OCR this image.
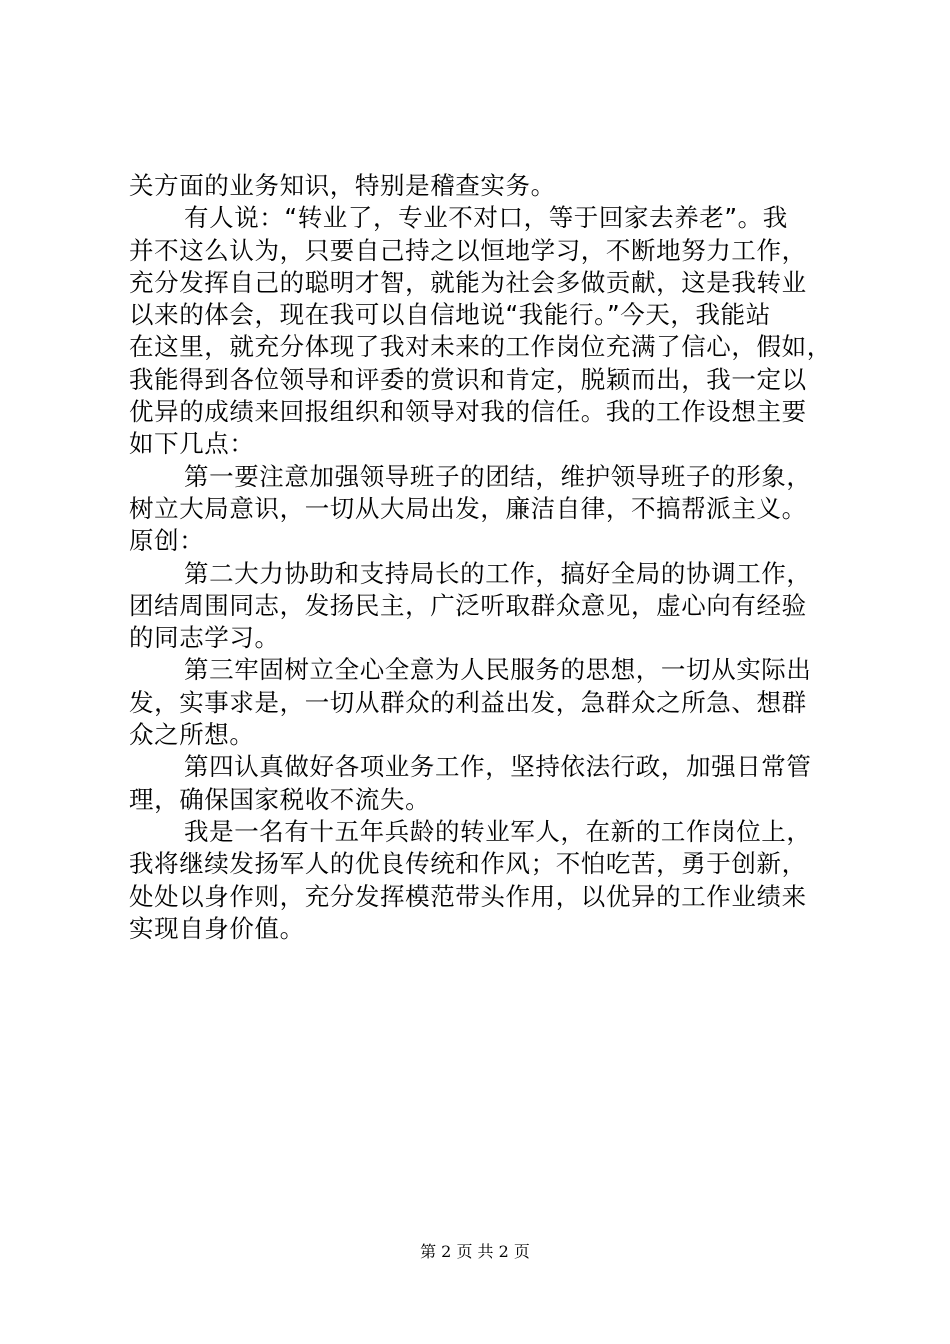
关方面的业务知识，特别是稽查实务。
有人说：“转业了，专业不对口，等于回家去养老”。我
并不这么认为，只要自己持之以恒地学习，不断地努力工作，
充分发挥自己的聪明才智，就能为社会多做贡献，这是我转业
以来的体会，现在我可以自信地说“我能行。”今天，我能站
在这里，就充分体现了我对未来的工作岗位充满了信心，假如，
我能得到各位领导和评委的赏识和肯定，脱颖而出，我一定以
优异的成绩来回报组织和领导对我的信任。我的工作设想主要
如下几点：
第一要注意加强领导班子的团结，维护领导班子的形象，
树立大局意识，一切从大局出发，廉洁自律，不搞帮派主义。
原创：
第二大力协助和支持局长的工作，搞好全局的协调工作，
团结周围同志，发扬民主，广泛听取群众意见，虚心向有经验
的同志学习。
第三牢固树立全心全意为人民服务的思想，一切从实际出
发，实事求是，一切从群众的利益出发，急群众之所急、想群
众之所想。
第四认真做好各项业务工作，坚持依法行政，加强日常管
理，确保国家税收不流失。
我是一名有十五年兵龄的转业军人，在新的工作岗位上，
我将继续发扬军人的优良传统和作风；不怕吃苦，勇于创新，
处处以身作则，充分发挥模范带头作用，以优异的工作业绩来
实现自身价值。
第 2 页 共 2 页
